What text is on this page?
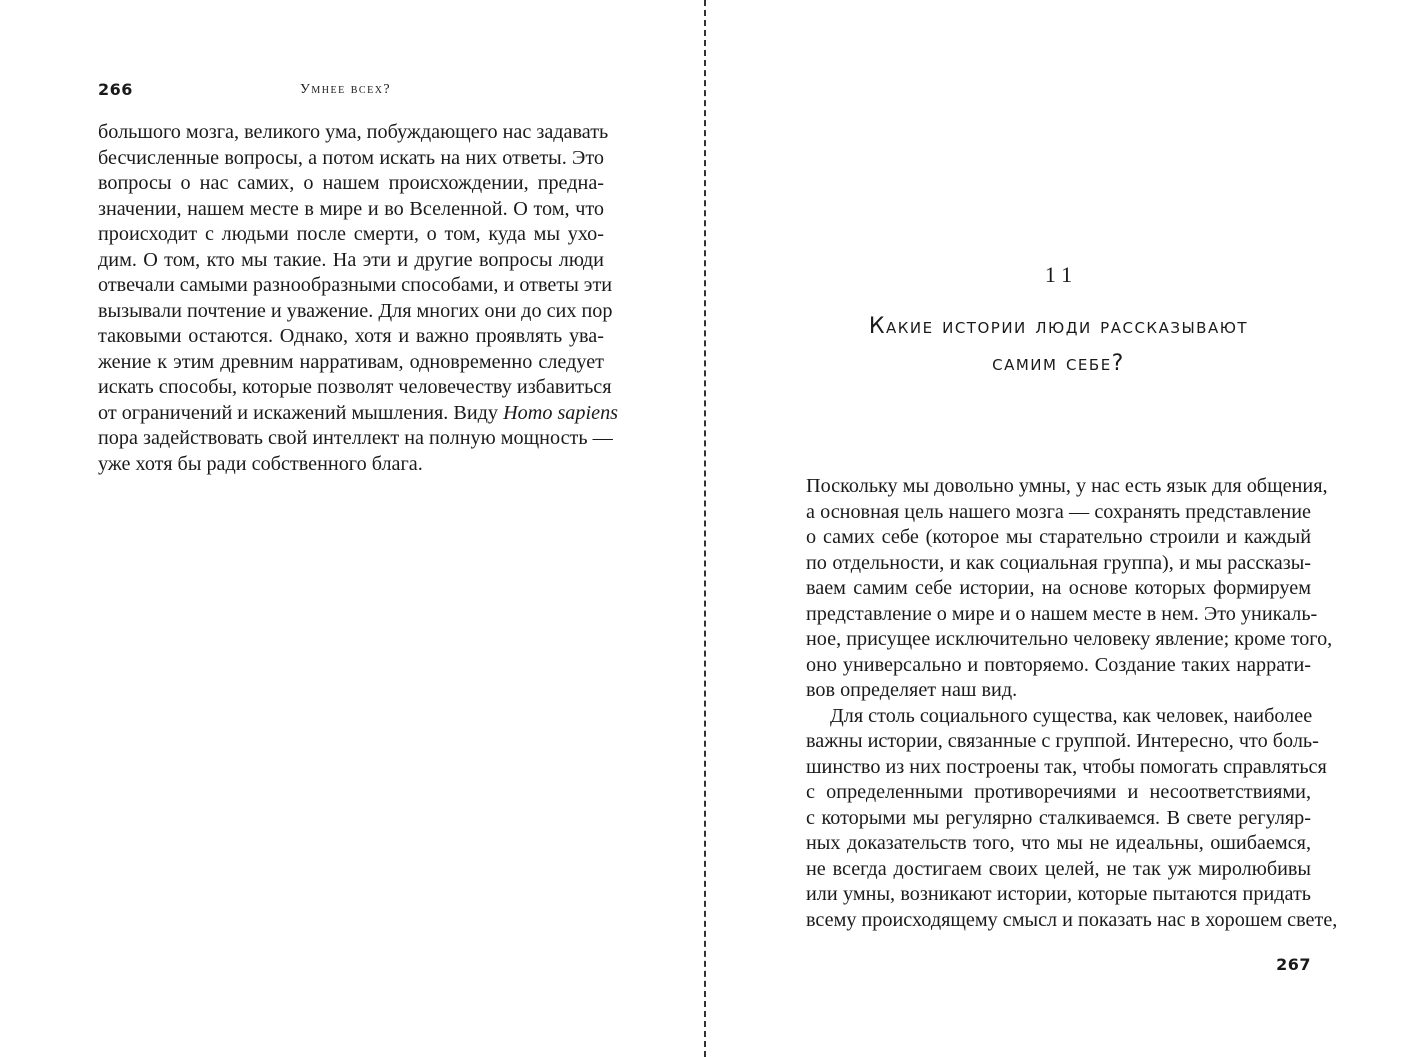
266	Умнее всех?
большого мозга, великого ума, побуждающего нас задавать
бесчисленные вопросы, а потом искать на них ответы. Это
вопросы о нас самих, о нашем происхождении, предна-
значении, нашем месте в мире и во Вселенной. О том, что
происходит с людьми после смерти, о том, куда мы ухо-
дим. О том, кто мы такие. На эти и другие вопросы люди
отвечали самыми разнообразными способами, и ответы эти
вызывали почтение и уважение. Для многих они до сих пор
таковыми остаются. Однако, хотя и важно проявлять ува-
жение к этим древним нарративам, одновременно следует
искать способы, которые позволят человечеству избавиться
от ограничений и искажений мышления. Виду Homo sapiens
пора задействовать свой интеллект на полную мощность —
уже хотя бы ради собственного блага.
11
Какие истории люди рассказывают
самим себе?
Поскольку мы довольно умны, у нас есть язык для общения,
а основная цель нашего мозга — сохранять представление
о самих себе (которое мы старательно строили и каждый
по отдельности, и как социальная группа), и мы рассказы-
ваем самим себе истории, на основе которых формируем
представление о мире и о нашем месте в нем. Это уникаль-
ное, присущее исключительно человеку явление; кроме того,
оно универсально и повторяемо. Создание таких наррати-
вов определяет наш вид.
Для столь социального существа, как человек, наиболее
важны истории, связанные с группой. Интересно, что боль-
шинство из них построены так, чтобы помогать справляться
с определенными противоречиями и несоответствиями,
с которыми мы регулярно сталкиваемся. В свете регуляр-
ных доказательств того, что мы не идеальны, ошибаемся,
не всегда достигаем своих целей, не так уж миролюбивы
или умны, возникают истории, которые пытаются придать
всему происходящему смысл и показать нас в хорошем свете,
267
